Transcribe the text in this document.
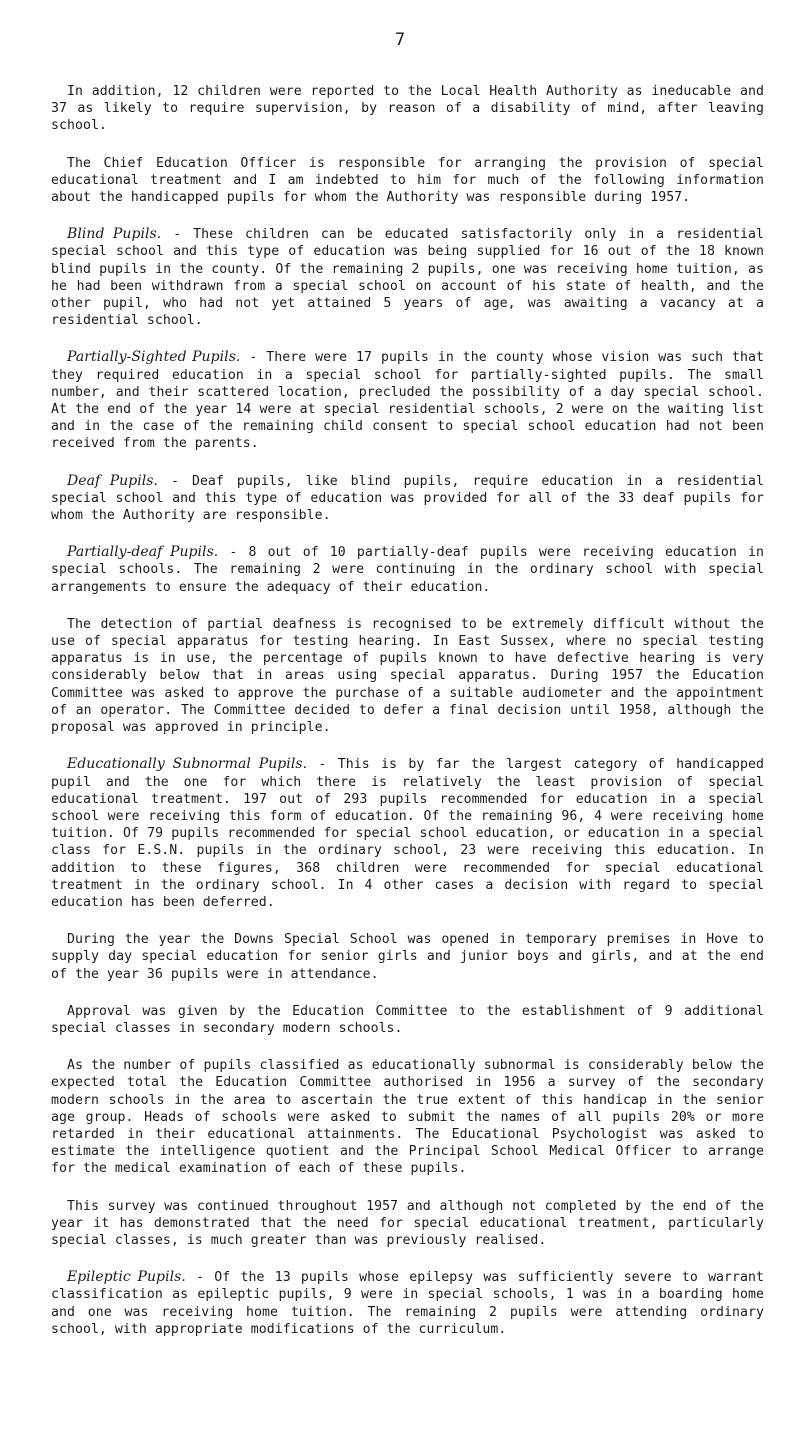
7

In addition, 12 children were reported to the Local Health Authority as ineducable and 37 as likely to require supervision, by reason of a disability of mind, after leaving school.

The Chief Education Officer is responsible for arranging the provision of special educational treatment and I am indebted to him for much of the following information about the handicapped pupils for whom the Authority was responsible during 1957.

Blind Pupils. - These children can be educated satisfactorily only in a residential special school and this type of education was being supplied for 16 out of the 18 known blind pupils in the county. Of the remaining 2 pupils, one was receiving home tuition, as he had been withdrawn from a special school on account of his state of health, and the other pupil, who had not yet attained 5 years of age, was awaiting a vacancy at a residential school.

Partially-Sighted Pupils. - There were 17 pupils in the county whose vision was such that they required education in a special school for partially-sighted pupils. The small number, and their scattered location, precluded the possibility of a day special school. At the end of the year 14 were at special residential schools, 2 were on the waiting list and in the case of the remaining child consent to special school education had not been received from the parents.

Deaf Pupils. - Deaf pupils, like blind pupils, require education in a residential special school and this type of education was provided for all of the 33 deaf pupils for whom the Authority are responsible.

Partially-deaf Pupils. - 8 out of 10 partially-deaf pupils were receiving education in special schools. The remaining 2 were continuing in the ordinary school with special arrangements to ensure the adequacy of their education.

The detection of partial deafness is recognised to be extremely difficult without the use of special apparatus for testing hearing. In East Sussex, where no special testing apparatus is in use, the percentage of pupils known to have defective hearing is very considerably below that in areas using special apparatus. During 1957 the Education Committee was asked to approve the purchase of a suitable audiometer and the appointment of an operator. The Committee decided to defer a final decision until 1958, although the proposal was approved in principle.

Educationally Subnormal Pupils. - This is by far the largest category of handicapped pupil and the one for which there is relatively the least provision of special educational treatment. 197 out of 293 pupils recommended for education in a special school were receiving this form of education. Of the remaining 96, 4 were receiving home tuition. Of 79 pupils recommended for special school education, or education in a special class for E.S.N. pupils in the ordinary school, 23 were receiving this education. In addition to these figures, 368 children were recommended for special educational treatment in the ordinary school. In 4 other cases a decision with regard to special education has been deferred.

During the year the Downs Special School was opened in temporary premises in Hove to supply day special education for senior girls and junior boys and girls, and at the end of the year 36 pupils were in attendance.

Approval was given by the Education Committee to the establishment of 9 additional special classes in secondary modern schools.

As the number of pupils classified as educationally subnormal is considerably below the expected total the Education Committee authorised in 1956 a survey of the secondary modern schools in the area to ascertain the true extent of this handicap in the senior age group. Heads of schools were asked to submit the names of all pupils 20% or more retarded in their educational attainments. The Educational Psychologist was asked to estimate the intelligence quotient and the Principal School Medical Officer to arrange for the medical examination of each of these pupils.

This survey was continued throughout 1957 and although not completed by the end of the year it has demonstrated that the need for special educational treatment, particularly special classes, is much greater than was previously realised.

Epileptic Pupils. - Of the 13 pupils whose epilepsy was sufficiently severe to warrant classification as epileptic pupils, 9 were in special schools, 1 was in a boarding home and one was receiving home tuition. The remaining 2 pupils were attending ordinary school, with appropriate modifications of the curriculum.
